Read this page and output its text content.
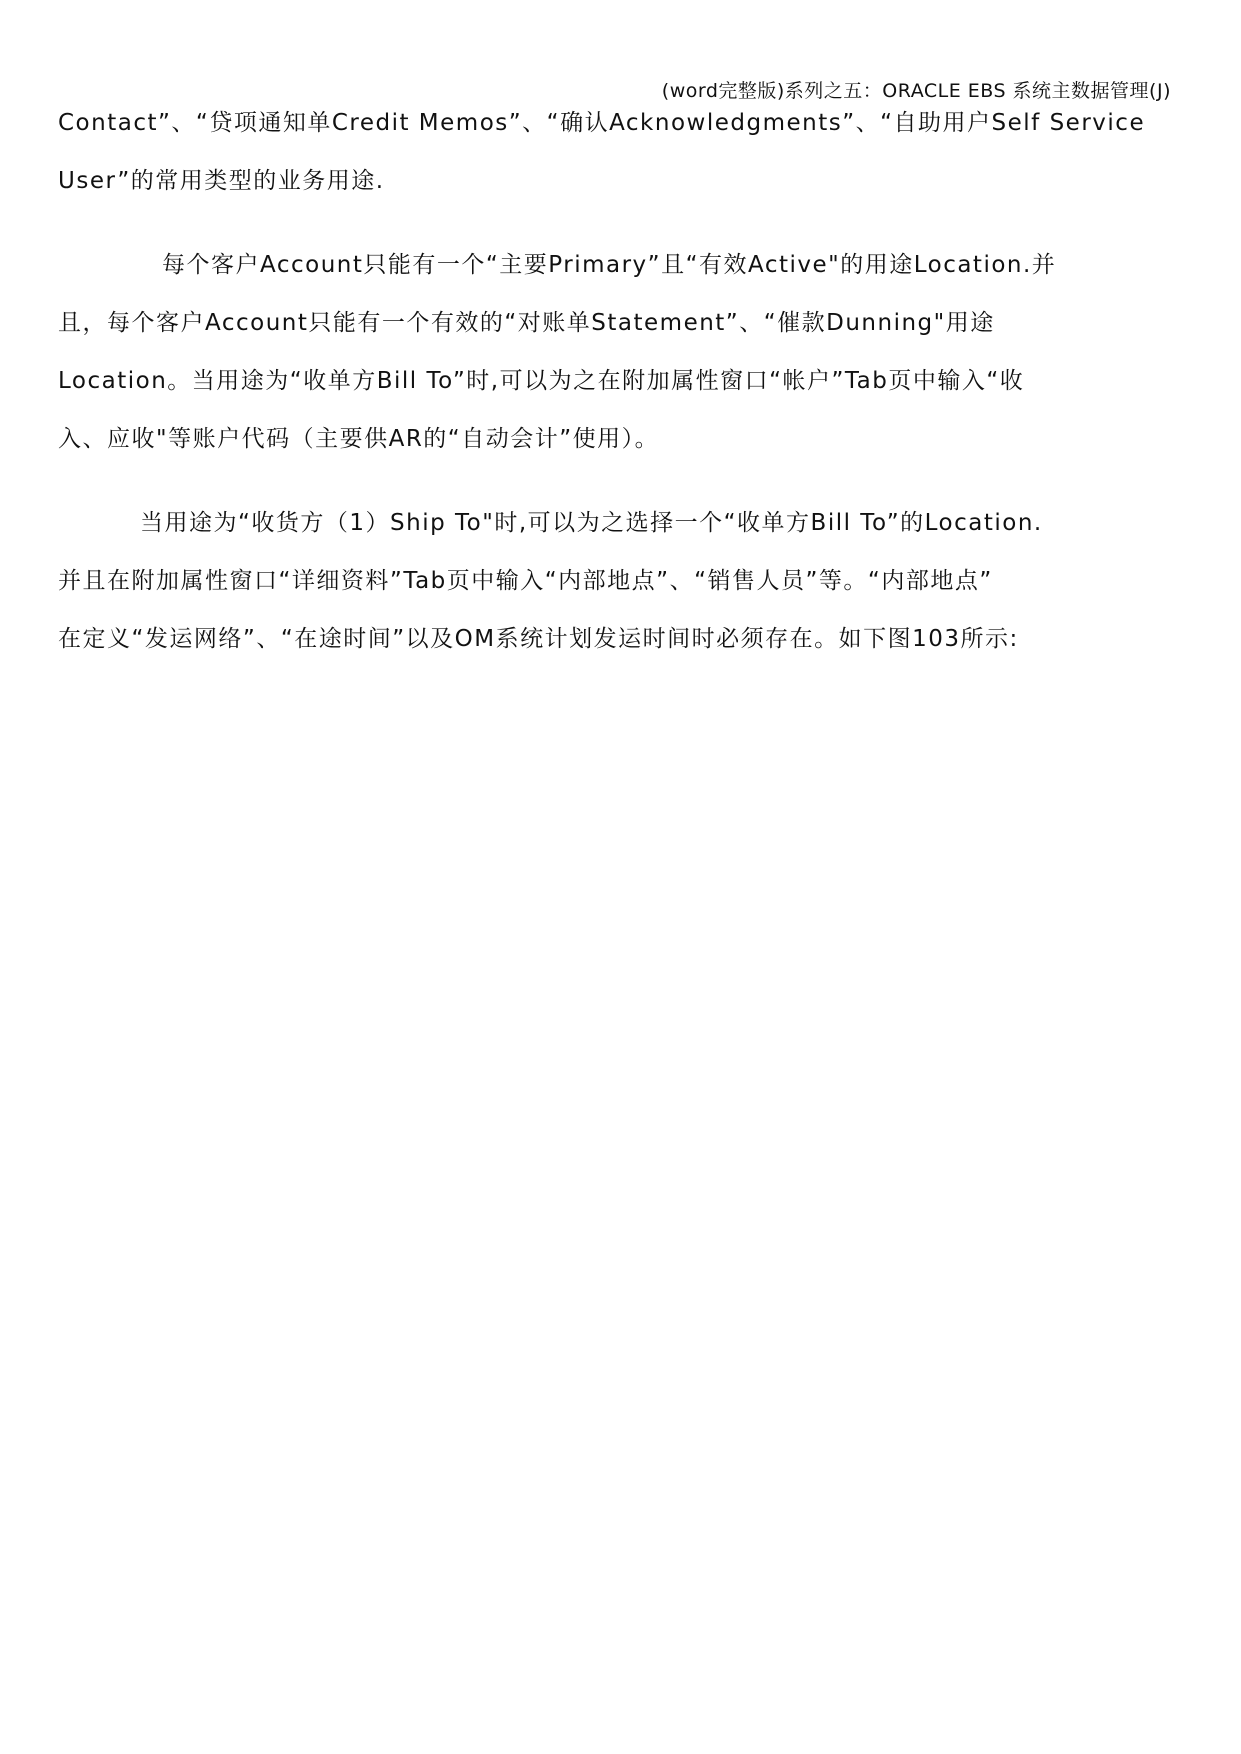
(word完整版)系列之五：ORACLE EBS 系统主数据管理(J)
Contact”、“贷项通知单Credit Memos”、“确认Acknowledgments”、“自助用户Self Service
User”的常用类型的业务用途.
每个客户Account只能有一个“主要Primary”且“有效Active"的用途Location.并
且，每个客户Account只能有一个有效的“对账单Statement”、“催款Dunning"用途
Location。当用途为“收单方Bill To”时,可以为之在附加属性窗口“帐户”Tab页中输入“收
入、应收"等账户代码（主要供AR的“自动会计”使用）。
当用途为“收货方（1）Ship To"时,可以为之选择一个“收单方Bill To”的Location.
并且在附加属性窗口“详细资料”Tab页中输入“内部地点”、“销售人员”等。“内部地点”
在定义“发运网络”、“在途时间”以及OM系统计划发运时间时必须存在。如下图103所示:
